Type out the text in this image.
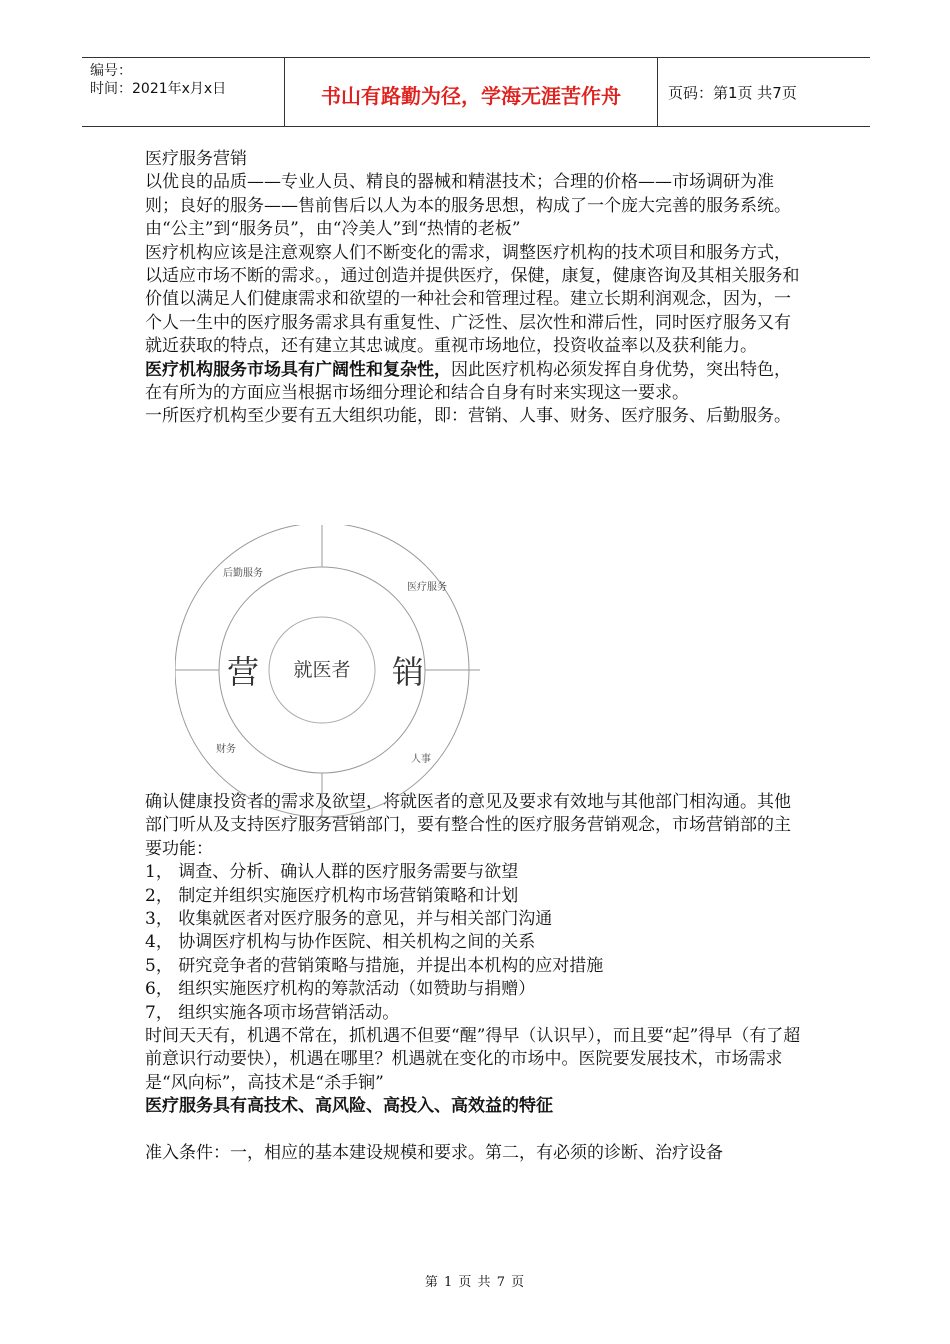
编号：
时间：2021年x月x日	书山有路勤为径，学海无涯苦作舟	页码：第1页 共7页

医疗服务营销

以优良的品质——专业人员、精良的器械和精湛技术；合理的价格——市场调研为准则；良好的服务——售前售后以人为本的服务思想，构成了一个庞大完善的服务系统。

由“公主”到“服务员”，由“冷美人”到“热情的老板”

医疗机构应该是注意观察人们不断变化的需求，调整医疗机构的技术项目和服务方式，以适应市场不断的需求。，通过创造并提供医疗，保健，康复，健康咨询及其相关服务和价值以满足人们健康需求和欲望的一种社会和管理过程。建立长期利润观念，因为，一个人一生中的医疗服务需求具有重复性、广泛性、层次性和滞后性，同时医疗服务又有就近获取的特点，还有建立其忠诚度。重视市场地位，投资收益率以及获利能力。

医疗机构服务市场具有广阔性和复杂性，因此医疗机构必须发挥自身优势，突出特色，在有所为的方面应当根据市场细分理论和结合自身有时来实现这一要求。

一所医疗机构至少要有五大组织功能，即：营销、人事、财务、医疗服务、后勤服务。

确认健康投资者的需求及欲望，将就医者的意见及要求有效地与其他部门相沟通。其他部门听从及支持医疗服务营销部门，要有整合性的医疗服务营销观念，市场营销部的主要功能：

1， 调查、分析、确认人群的医疗服务需要与欲望
2， 制定并组织实施医疗机构市场营销策略和计划
3， 收集就医者对医疗服务的意见，并与相关部门沟通
4， 协调医疗机构与协作医院、相关机构之间的关系
5， 研究竞争者的营销策略与措施，并提出本机构的应对措施
6， 组织实施医疗机构的筹款活动（如赞助与捐赠）
7， 组织实施各项市场营销活动。

时间天天有，机遇不常在，抓机遇不但要“醒”得早（认识早），而且要“起”得早（有了超前意识行动要快），机遇在哪里？机遇就在变化的市场中。医院要发展技术，市场需求是“风向标”，高技术是“杀手锏”

医疗服务具有高技术、高风险、高投入、高效益的特征

准入条件：一，相应的基本建设规模和要求。第二，有必须的诊断、治疗设备

就医者
营	销
后勤服务
医疗服务
财务
人事
第 1 页 共 7 页
